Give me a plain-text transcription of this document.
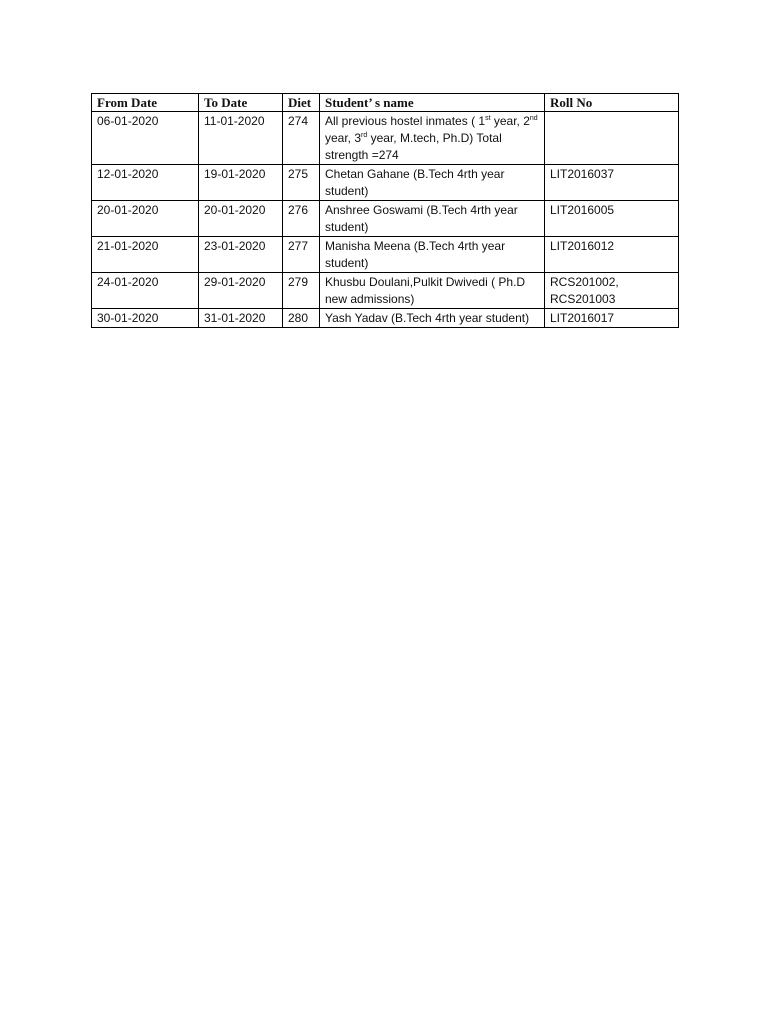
From Date	To Date	Diet	Student’ s name	Roll No
06-01-2020	11-01-2020	274	All previous hostel inmates ( 1st year, 2nd year, 3rd year, M.tech, Ph.D) Total strength =274	
12-01-2020	19-01-2020	275	Chetan Gahane (B.Tech 4rth year student)	LIT2016037
20-01-2020	20-01-2020	276	Anshree Goswami (B.Tech 4rth year student)	LIT2016005
21-01-2020	23-01-2020	277	Manisha Meena (B.Tech 4rth year student)	LIT2016012
24-01-2020	29-01-2020	279	Khusbu Doulani,Pulkit Dwivedi ( Ph.D new admissions)	RCS201002,
RCS201003
30-01-2020	31-01-2020	280	Yash Yadav (B.Tech 4rth year student)	LIT2016017
